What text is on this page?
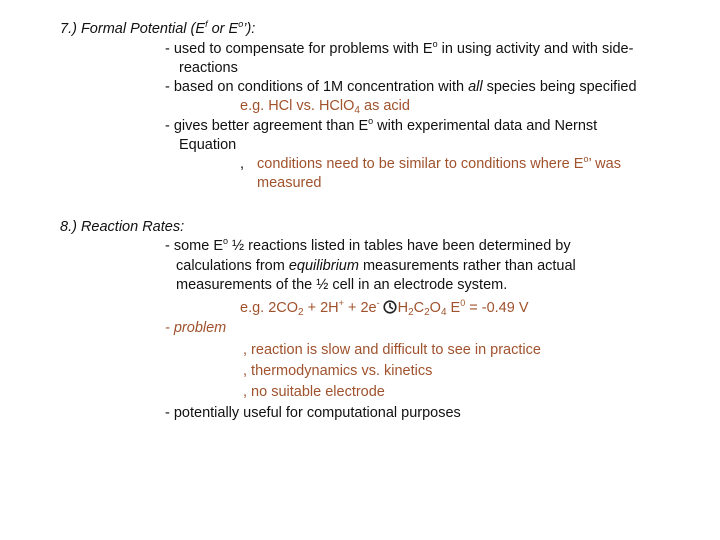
7.) Formal Potential ($E^f$ or $E^o$’):
- used to compensate for problems with $E^o$ in using activity and with side-
reactions
- based on conditions of 1M concentration with all species being specified
e.g. HCl vs. HClO$_4$ as acid
- gives better agreement than $E^o$ with experimental data and Nernst
Equation
, conditions need to be similar to conditions where $E^o$’ was
measured
8.) Reaction Rates:
- some $E^o$ ½ reactions listed in tables have been determined by
calculations from equilibrium measurements rather than actual
measurements of the ½ cell in an electrode system.
e.g. $2CO_2 + 2H^+ + 2e^-$ $H_2C_2O_4$ $E^0 = -0.49$ V
- problem
, reaction is slow and difficult to see in practice
, thermodynamics vs. kinetics
, no suitable electrode
- potentially useful for computational purposes
